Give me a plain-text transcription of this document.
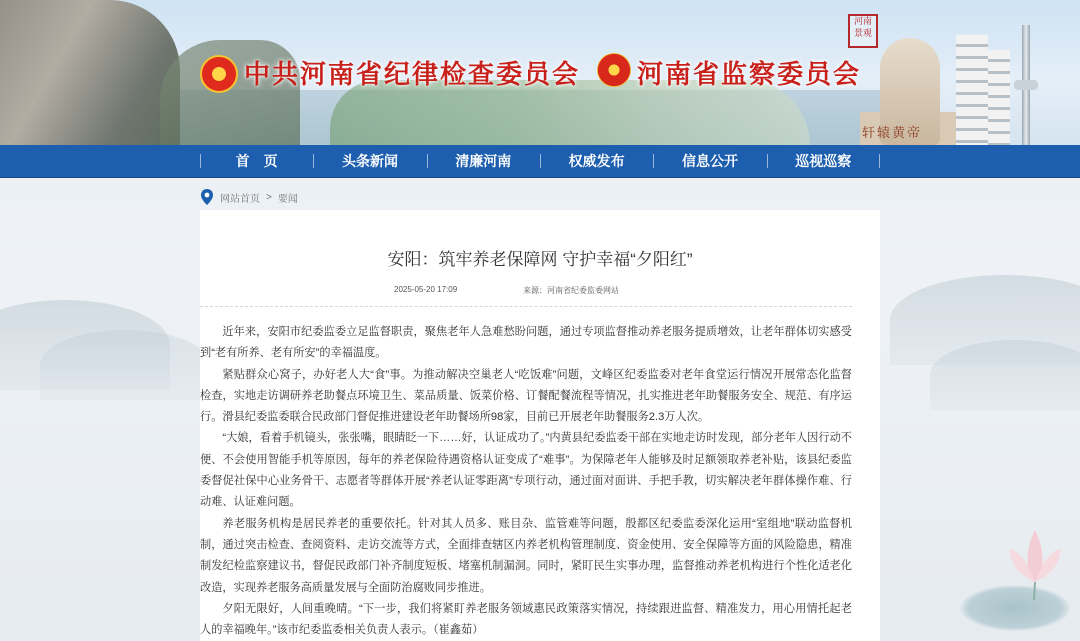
中共河南省纪律检查委员会 河南省监察委员会
河南 景观
轩辕黄帝
首　页	头条新闻	清廉河南	权威发布	信息公开	巡视巡察
网站首页 > 要闻
安阳：筑牢养老保障网 守护幸福“夕阳红”
2025-05-20 17:09	来源：河南省纪委监委网站

近年来，安阳市纪委监委立足监督职责，聚焦老年人急难愁盼问题，通过专项监督推动养老服务提质增效，让老年群体切实感受到“老有所养、老有所安”的幸福温度。

紧贴群众心窝子，办好老人大“食”事。为推动解决空巢老人“吃饭难”问题，文峰区纪委监委对老年食堂运行情况开展常态化监督检查，实地走访调研养老助餐点环境卫生、菜品质量、饭菜价格、订餐配餐流程等情况，扎实推进老年助餐服务安全、规范、有序运行。滑县纪委监委联合民政部门督促推进建设老年助餐场所98家，目前已开展老年助餐服务2.3万人次。

“大娘，看着手机镜头，张张嘴，眼睛眨一下……好，认证成功了。”内黄县纪委监委干部在实地走访时发现，部分老年人因行动不便、不会使用智能手机等原因，每年的养老保险待遇资格认证变成了“难事”。为保障老年人能够及时足额领取养老补贴，该县纪委监委督促社保中心业务骨干、志愿者等群体开展“养老认证零距离”专项行动，通过面对面讲、手把手教，切实解决老年群体操作难、行动难、认证难问题。

养老服务机构是居民养老的重要依托。针对其人员多、账目杂、监管难等问题，殷都区纪委监委深化运用“室组地”联动监督机制，通过突击检查、查阅资料、走访交流等方式，全面排查辖区内养老机构管理制度、资金使用、安全保障等方面的风险隐患，精准制发纪检监察建议书，督促民政部门补齐制度短板、堵塞机制漏洞。同时，紧盯民生实事办理，监督推动养老机构进行个性化适老化改造，实现养老服务高质量发展与全面防治腐败同步推进。

夕阳无限好，人间重晚晴。“下一步，我们将紧盯养老服务领域惠民政策落实情况，持续跟进监督、精准发力，用心用情托起老人的幸福晚年。”该市纪委监委相关负责人表示。（崔鑫茹）
